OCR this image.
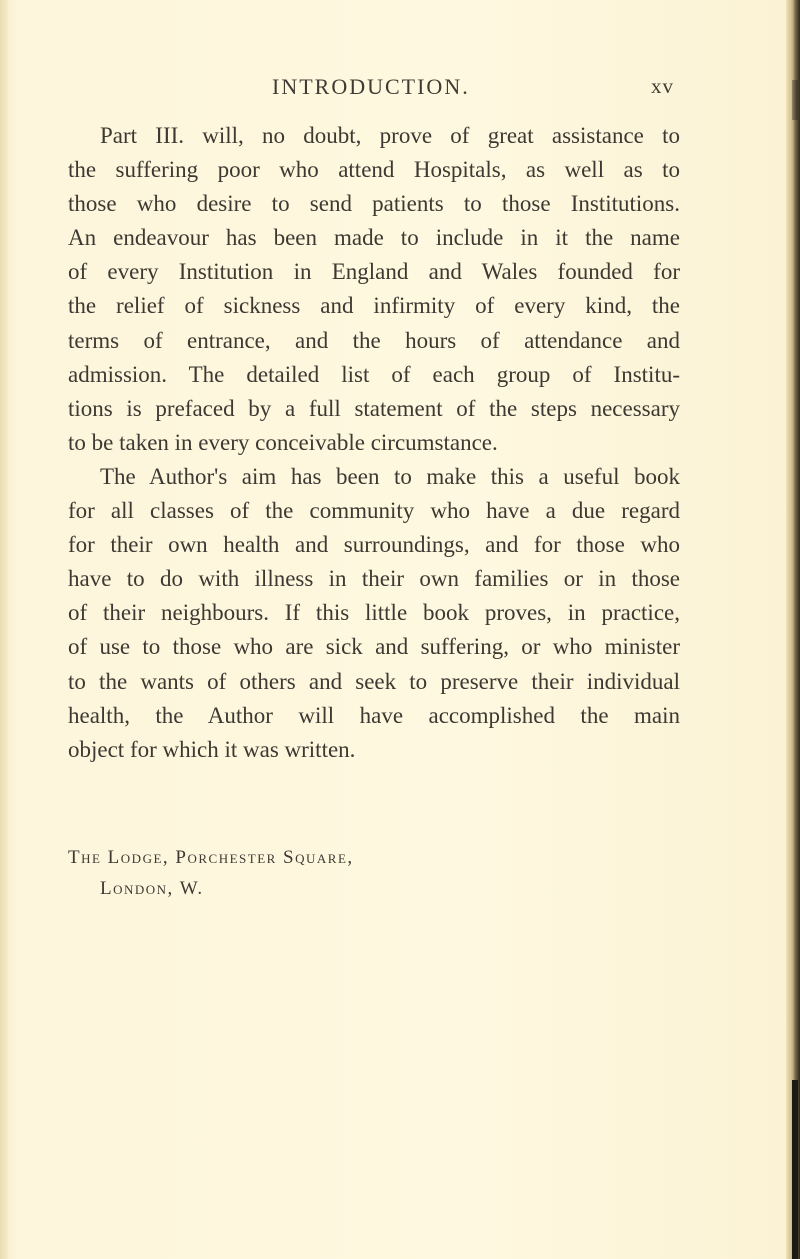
INTRODUCTION.	xv
Part III. will, no doubt, prove of great assistance to
the suffering poor who attend Hospitals, as well as to
those who desire to send patients to those Institutions.
An endeavour has been made to include in it the name
of every Institution in England and Wales founded for
the relief of sickness and infirmity of every kind, the
terms of entrance, and the hours of attendance and
admission. The detailed list of each group of Institu-
tions is prefaced by a full statement of the steps necessary
to be taken in every conceivable circumstance.
The Author's aim has been to make this a useful book
for all classes of the community who have a due regard
for their own health and surroundings, and for those who
have to do with illness in their own families or in those
of their neighbours. If this little book proves, in practice,
of use to those who are sick and suffering, or who minister
to the wants of others and seek to preserve their individual
health, the Author will have accomplished the main
object for which it was written.
The Lodge, Porchester Square,
London, W.
